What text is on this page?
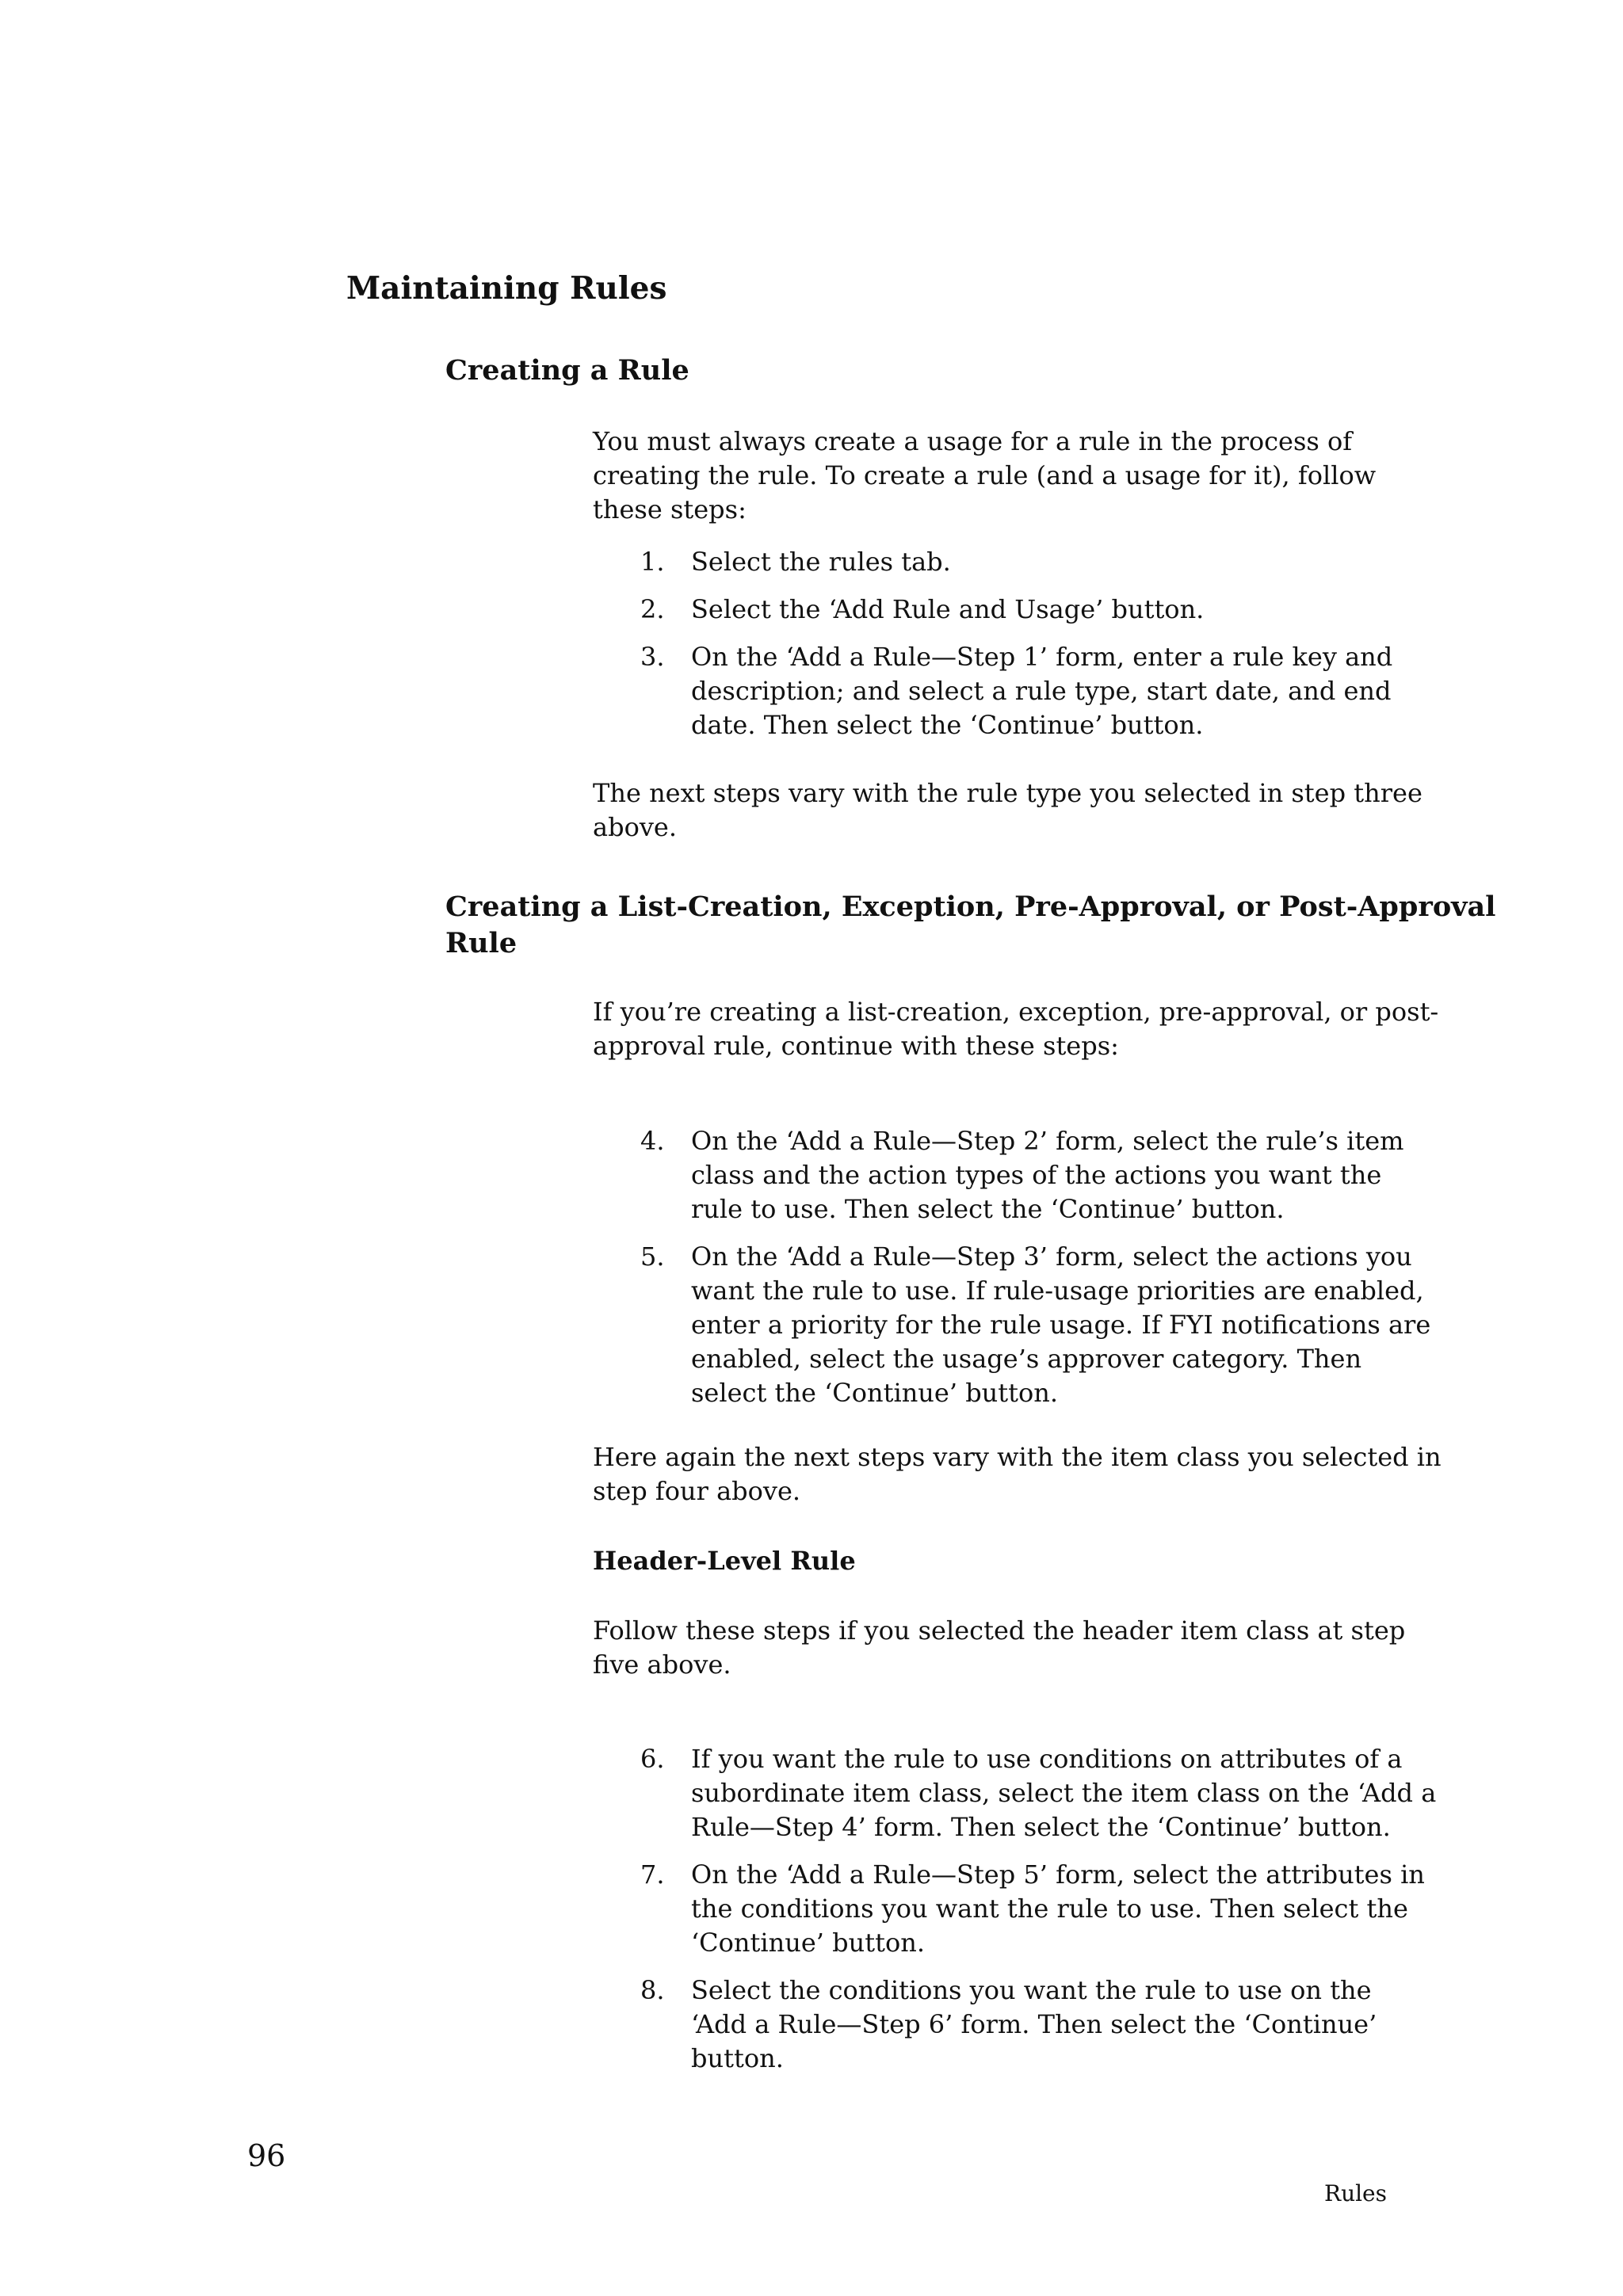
Maintaining Rules
Creating a Rule
You must always create a usage for a rule in the process of
creating the rule. To create a rule (and a usage for it), follow
these steps:
1. Select the rules tab.
2. Select the ‘Add Rule and Usage’ button.
3. On the ‘Add a Rule—Step 1’ form, enter a rule key and
description; and select a rule type, start date, and end
date. Then select the ‘Continue’ button.
The next steps vary with the rule type you selected in step three
above.
Creating a List-Creation, Exception, Pre-Approval, or Post-Approval
Rule
If you’re creating a list-creation, exception, pre-approval, or post-
approval rule, continue with these steps:
4. On the ‘Add a Rule—Step 2’ form, select the rule’s item
class and the action types of the actions you want the
rule to use. Then select the ‘Continue’ button.
5. On the ‘Add a Rule—Step 3’ form, select the actions you
want the rule to use. If rule-usage priorities are enabled,
enter a priority for the rule usage. If FYI notifications are
enabled, select the usage’s approver category. Then
select the ‘Continue’ button.
Here again the next steps vary with the item class you selected in
step four above.
Header-Level Rule
Follow these steps if you selected the header item class at step
five above.
6. If you want the rule to use conditions on attributes of a
subordinate item class, select the item class on the ‘Add a
Rule—Step 4’ form. Then select the ‘Continue’ button.
7. On the ‘Add a Rule—Step 5’ form, select the attributes in
the conditions you want the rule to use. Then select the
‘Continue’ button.
8. Select the conditions you want the rule to use on the
‘Add a Rule—Step 6’ form. Then select the ‘Continue’
button.
96
Rules
